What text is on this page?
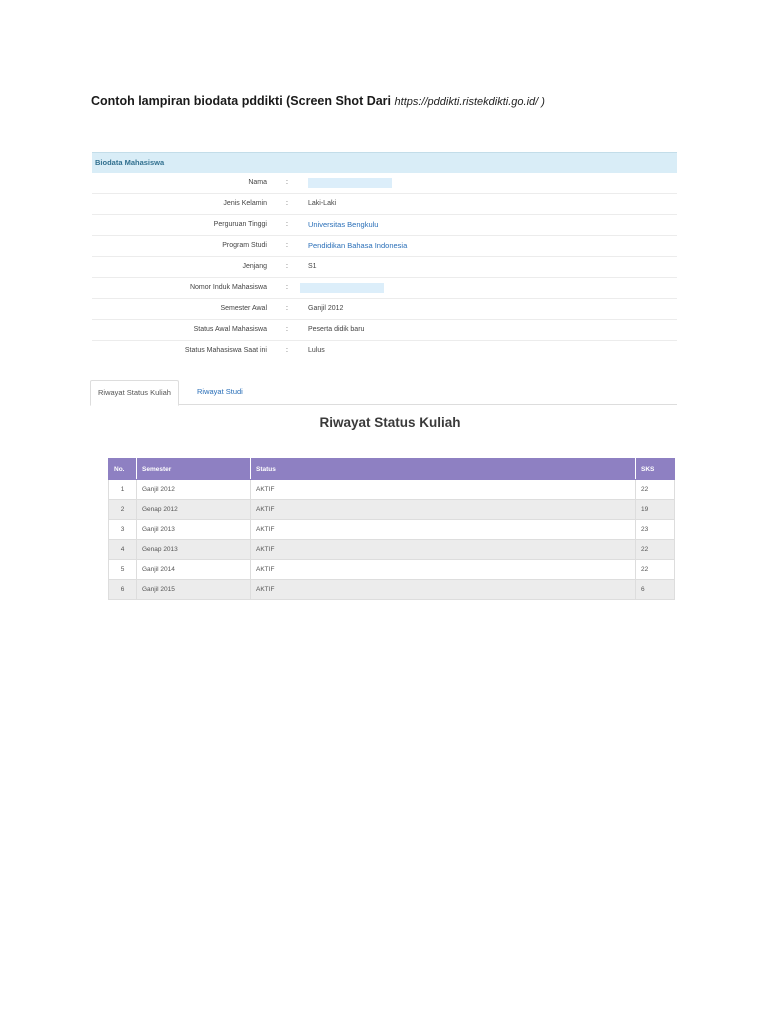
Contoh lampiran biodata pddikti (Screen Shot Dari https://pddikti.ristekdikti.go.id/ )
Biodata Mahasiswa
Nama	:
Jenis Kelamin	:	Laki-Laki
Perguruan Tinggi	:	Universitas Bengkulu
Program Studi	:	Pendidikan Bahasa Indonesia
Jenjang	:	S1
Nomor Induk Mahasiswa	:
Semester Awal	:	Ganjil 2012
Status Awal Mahasiswa	:	Peserta didik baru
Status Mahasiswa Saat ini	:	Lulus
Riwayat Status Kuliah	Riwayat Studi
Riwayat Status Kuliah
No.	Semester	Status	SKS
1	Ganjil 2012	AKTIF	22
2	Genap 2012	AKTIF	19
3	Ganjil 2013	AKTIF	23
4	Genap 2013	AKTIF	22
5	Ganjil 2014	AKTIF	22
6	Ganjil 2015	AKTIF	6
